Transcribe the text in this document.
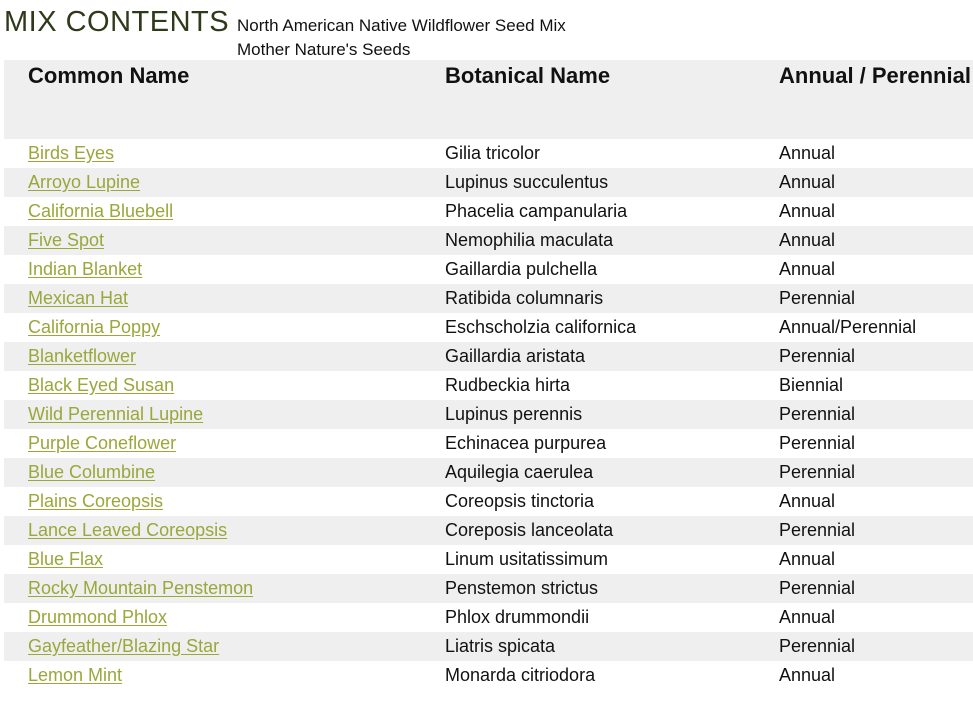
MIX CONTENTS North American Native Wildflower Seed Mix
Mother Nature's Seeds
Common Name	Botanical Name	Annual / Perennial
Birds Eyes	Gilia tricolor	Annual
Arroyo Lupine	Lupinus succulentus	Annual
California Bluebell	Phacelia campanularia	Annual
Five Spot	Nemophilia maculata	Annual
Indian Blanket	Gaillardia pulchella	Annual
Mexican Hat	Ratibida columnaris	Perennial
California Poppy	Eschscholzia californica	Annual/Perennial
Blanketflower	Gaillardia aristata	Perennial
Black Eyed Susan	Rudbeckia hirta	Biennial
Wild Perennial Lupine	Lupinus perennis	Perennial
Purple Coneflower	Echinacea purpurea	Perennial
Blue Columbine	Aquilegia caerulea	Perennial
Plains Coreopsis	Coreopsis tinctoria	Annual
Lance Leaved Coreopsis	Coreposis lanceolata	Perennial
Blue Flax	Linum usitatissimum	Annual
Rocky Mountain Penstemon	Penstemon strictus	Perennial
Drummond Phlox	Phlox drummondii	Annual
Gayfeather/Blazing Star	Liatris spicata	Perennial
Lemon Mint	Monarda citriodora	Annual
